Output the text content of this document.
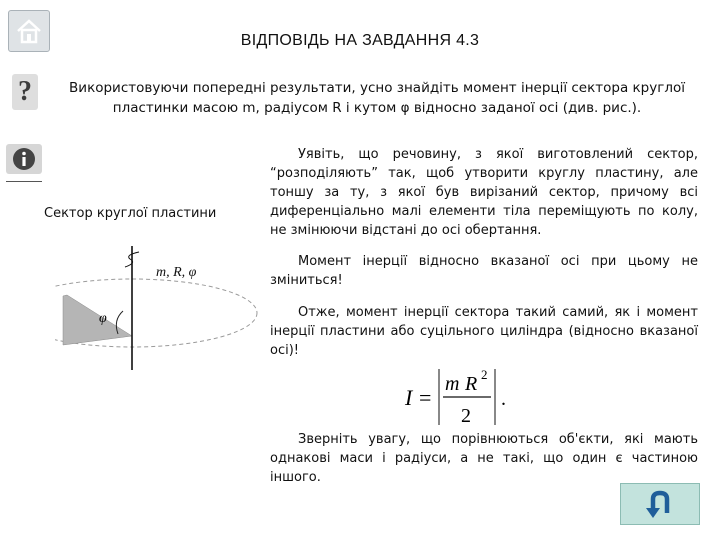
ВІДПОВІДЬ НА ЗАВДАННЯ 4.3
?	Використовуючи попередні результати, усно знайдіть момент інерції сектора круглої пластинки масою m, радіусом R і кутом φ відносно заданої осі (див. рис.).
Сектор круглої пластини
φ
m, R, φ
Уявіть, що речовину, з якої виготовлений сектор, “розподіляють” так, щоб утворити круглу пластину, але тоншу за ту, з якої був вирізаний сектор, причому всі диференціально малі елементи тіла переміщують по колу, не змінюючи відстані до осі обертання.
Момент інерції відносно вказаної осі при цьому не зміниться!
Отже, момент інерції сектора такий самий, як і момент інерції пластини або суцільного циліндра (відносно вказаної осі)!
I =
m R 2
2
.
Зверніть увагу, що порівнюються об'єкти, які мають однакові маси і радіуси, а не такі, що один є частиною іншого.
